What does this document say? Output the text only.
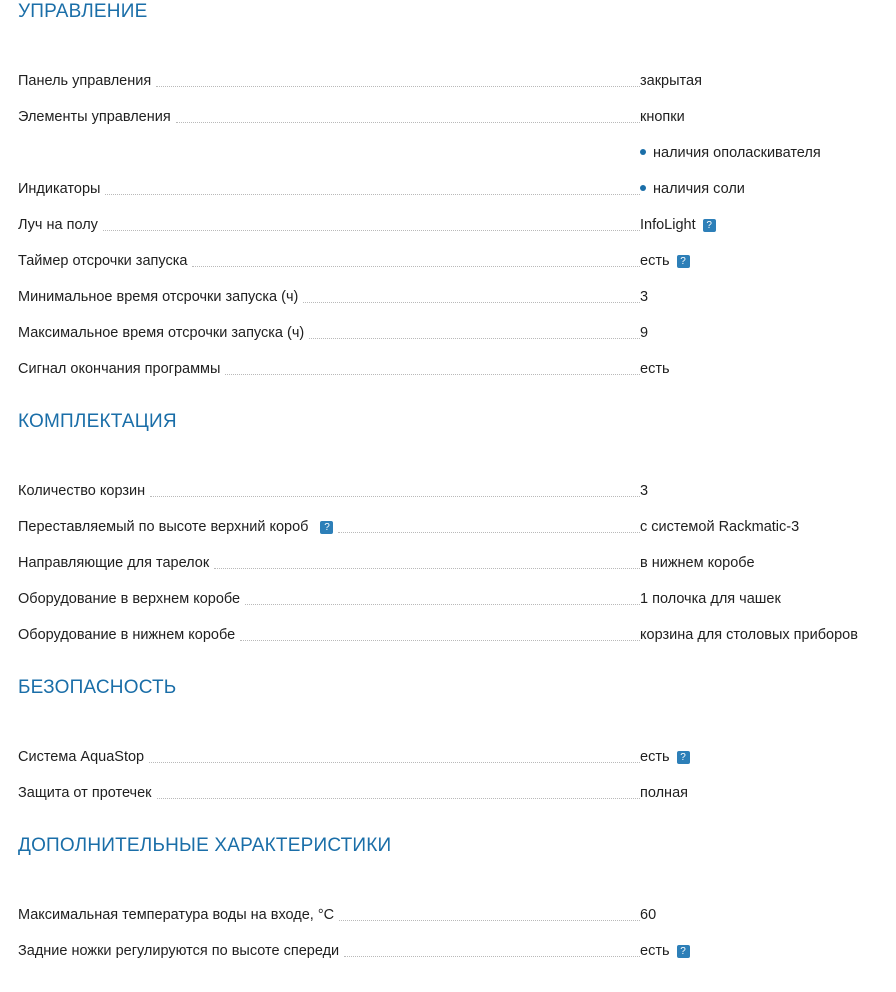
УПРАВЛЕНИЕ
Панель управления	закрытая

Элементы управления	кнопки

Индикаторы	наличия ополаскивателя
наличия соли

Луч на полу	InfoLight ?

Таймер отсрочки запуска	есть ?

Минимальное время отсрочки запуска (ч)	3

Максимальное время отсрочки запуска (ч)	9

Сигнал окончания программы	есть
КОМПЛЕКТАЦИЯ
Количество корзин	3

Переставляемый по высоте верхний короб ?	с системой Rackmatic-3

Направляющие для тарелок	в нижнем коробе

Оборудование в верхнем коробе	1 полочка для чашек

Оборудование в нижнем коробе	корзина для столовых приборов
БЕЗОПАСНОСТЬ
Система AquaStop	есть ?

Защита от протечек	полная
ДОПОЛНИТЕЛЬНЫЕ ХАРАКТЕРИСТИКИ
Максимальная температура воды на входе, °C	60

Задние ножки регулируются по высоте спереди	есть ?
